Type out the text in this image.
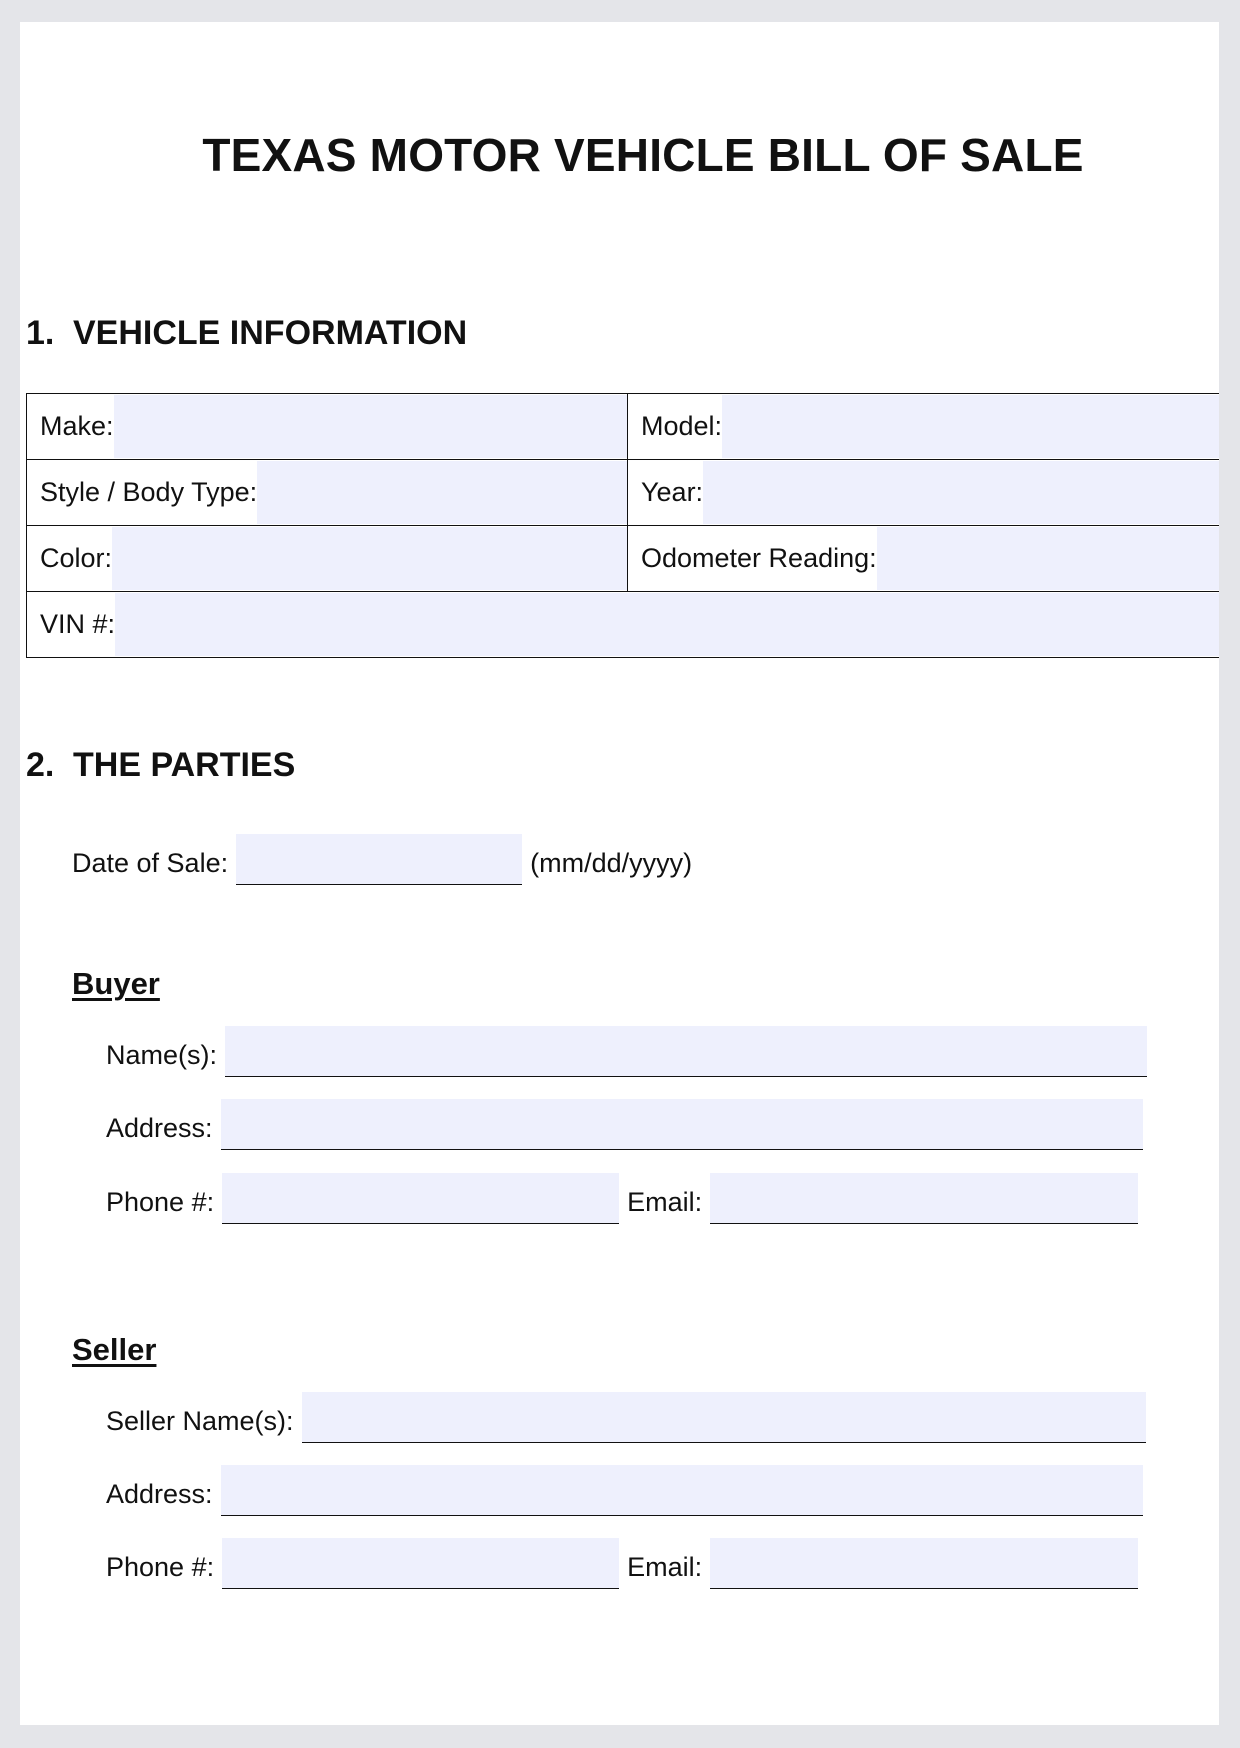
TEXAS MOTOR VEHICLE BILL OF SALE
1. VEHICLE INFORMATION
Make:	Model:

Style / Body Type:	Year:

Color:	Odometer Reading:

VIN #:	
2. THE PARTIES
Date of Sale:	(mm/dd/yyyy)
Buyer
Name(s):
Address:
Phone #:	Email:
Seller
Seller Name(s):
Address:
Phone #:	Email:
